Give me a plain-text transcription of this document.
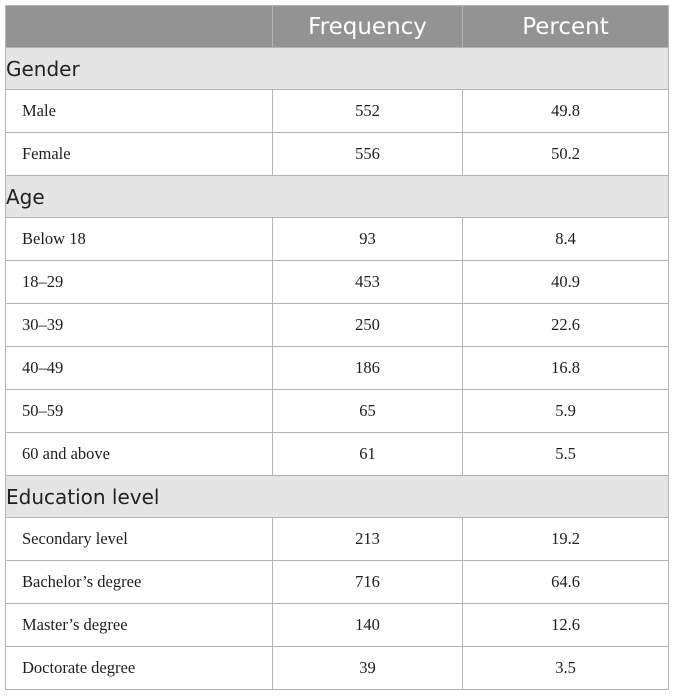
	Frequency	Percent
Gender		
Male	552	49.8
Female	556	50.2
Age		
Below 18	93	8.4
18–29	453	40.9
30–39	250	22.6
40–49	186	16.8
50–59	65	5.9
60 and above	61	5.5
Education level		
Secondary level	213	19.2
Bachelor’s degree	716	64.6
Master’s degree	140	12.6
Doctorate degree	39	3.5
